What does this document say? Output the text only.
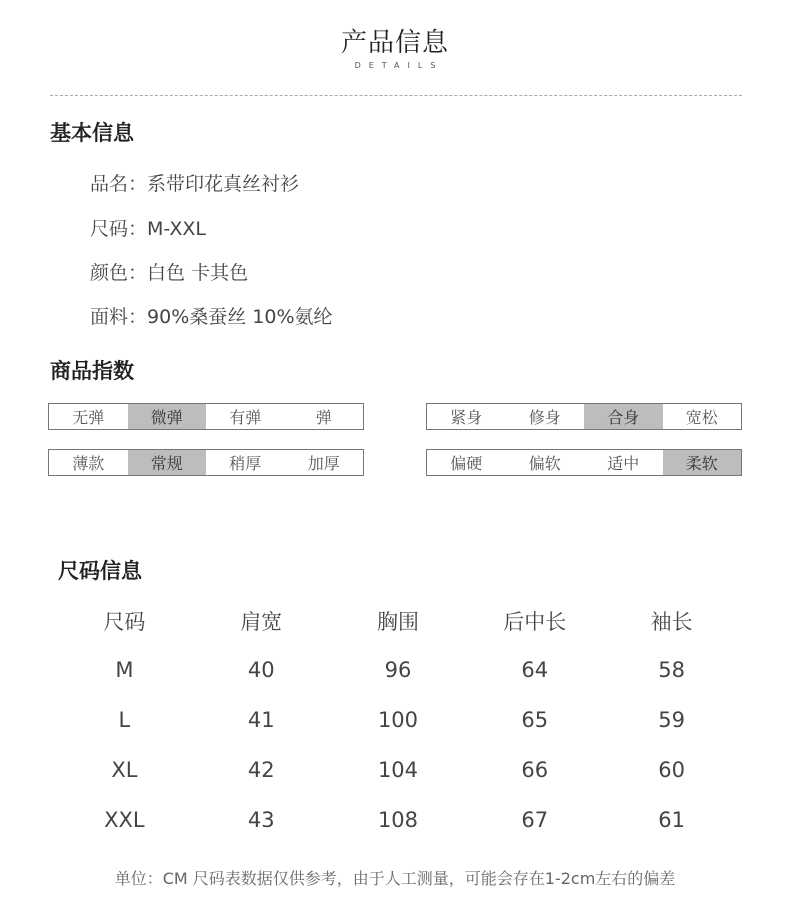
产品信息
DETAILS
基本信息
品名：系带印花真丝衬衫
尺码：M-XXL
颜色：白色 卡其色
面料：90%桑蚕丝 10%氨纶
商品指数
无弹	微弹	有弹	弹	紧身	修身	合身	宽松
薄款	常规	稍厚	加厚	偏硬	偏软	适中	柔软
尺码信息
尺码	肩宽	胸围	后中长	袖长
M	40	96	64	58
L	41	100	65	59
XL	42	104	66	60
XXL	43	108	67	61
单位：CM 尺码表数据仅供参考，由于人工测量，可能会存在1-2cm左右的偏差
